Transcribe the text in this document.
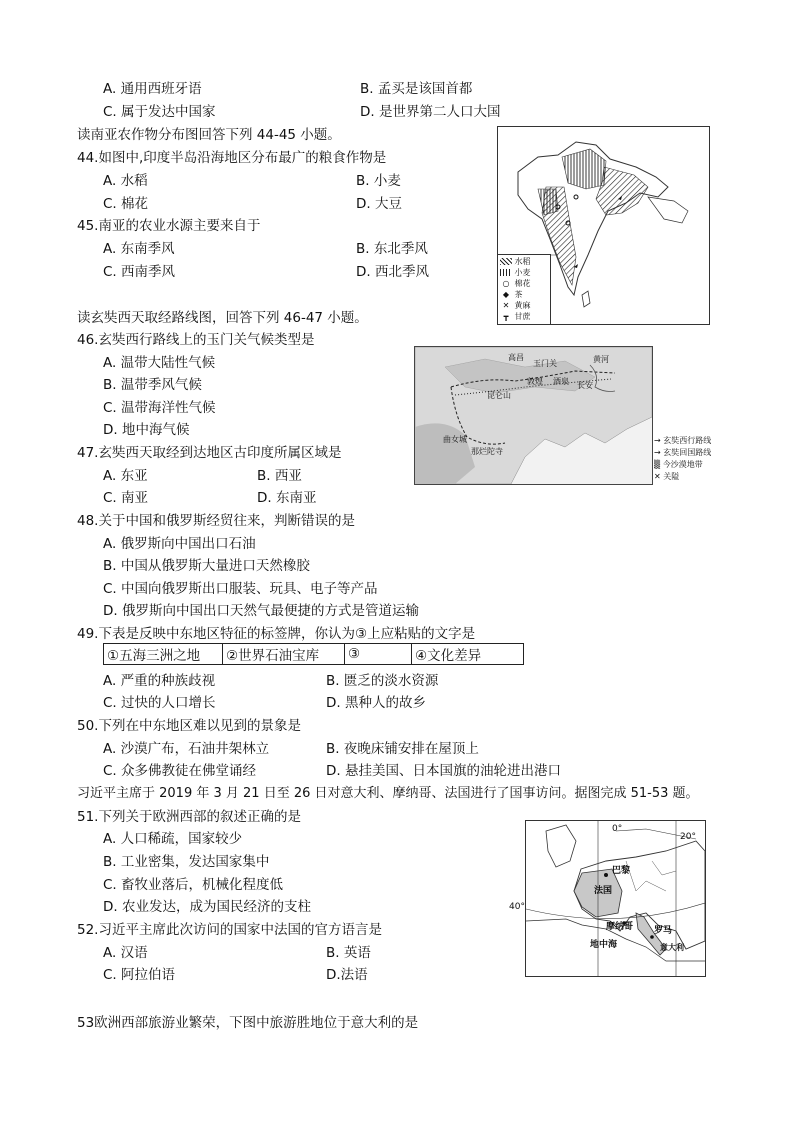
A. 通用西班牙语	B. 孟买是该国首都
C. 属于发达中国家	D. 是世界第二人口大国
读南亚农作物分布图回答下列 44-45 小题。
44.如图中,印度半岛沿海地区分布最广的粮食作物是
A. 水稻	B. 小麦
C. 棉花	D. 大豆
45.南亚的农业水源主要来自于
A. 东南季风	B. 东北季风
C. 西南季风	D. 西北季风
水稻
小麦
○ 棉花
◆ 茶
✕ 黄麻
┳ 甘蔗
读玄奘西天取经路线图，回答下列 46-47 小题。
46.玄奘西行路线上的玉门关气候类型是
A. 温带大陆性气候
B. 温带季风气候
C. 温带海洋性气候
D. 地中海气候
高昌
玉门关
敦煌 酒泉 长安
昆仑山
曲女城
那烂陀寺
黄河
→ 玄奘西行路线
→ 玄奘回国路线
▒ 今沙漠地带
✕ 关隘
47.玄奘西天取经到达地区古印度所属区域是
A. 东亚	B. 西亚
C. 南亚	D. 东南亚
48.关于中国和俄罗斯经贸往来，判断错误的是
A. 俄罗斯向中国出口石油
B. 中国从俄罗斯大量进口天然橡胶
C. 中国向俄罗斯出口服装、玩具、电子等产品
D. 俄罗斯向中国出口天然气最便捷的方式是管道运输
49.下表是反映中东地区特征的标签牌，你认为③上应粘贴的文字是
①五海三洲之地	②世界石油宝库	③	④文化差异
A. 严重的种族歧视	B. 匮乏的淡水资源
C. 过快的人口增长	D. 黑种人的故乡
50.下列在中东地区难以见到的景象是
A. 沙漠广布，石油井架林立	B. 夜晚床铺安排在屋顶上
C. 众多佛教徒在佛堂诵经	D. 悬挂美国、日本国旗的油轮进出港口
习近平主席于 2019 年 3 月 21 日至 26 日对意大利、摩纳哥、法国进行了国事访问。据图完成 51-53 题。
51.下列关于欧洲西部的叙述正确的是
A. 人口稀疏，国家较少
B. 工业密集，发达国家集中
C. 畜牧业落后，机械化程度低
D. 农业发达，成为国民经济的支柱
0°
20°
巴黎
法国
摩纳哥 罗马
地中海	意大利
40°
52.习近平主席此次访问的国家中法国的官方语言是
A. 汉语	B. 英语
C. 阿拉伯语	D.法语
53欧洲西部旅游业繁荣，下图中旅游胜地位于意大利的是
